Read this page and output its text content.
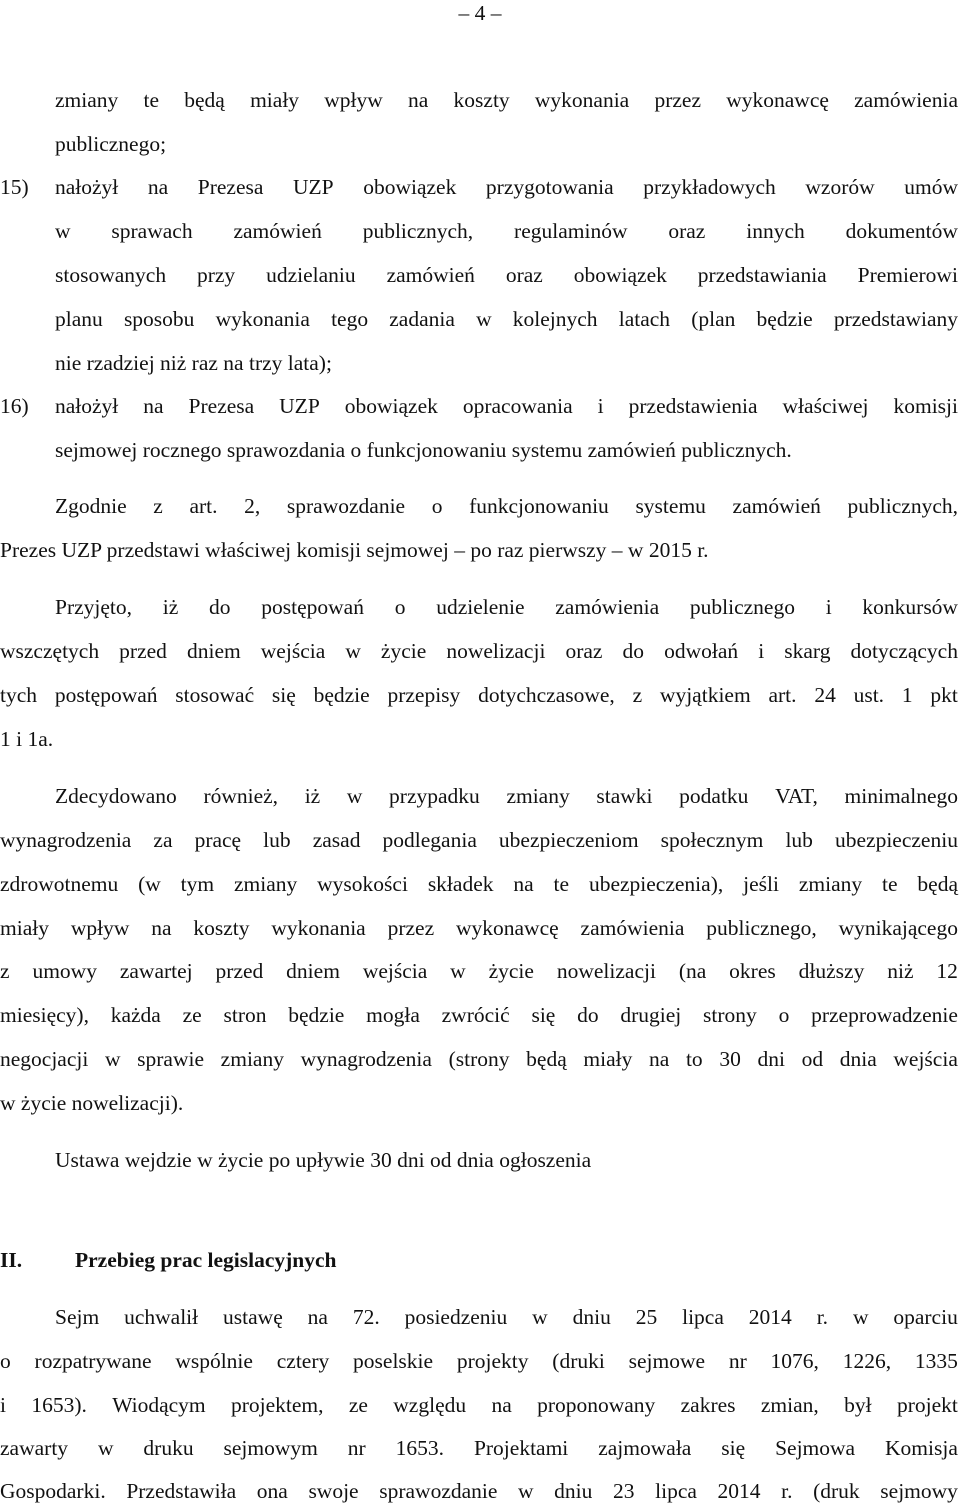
– 4 –
zmiany te będą miały wpływ na koszty wykonania przez wykonawcę zamówienia
publicznego;
15)	nałożył na Prezesa UZP obowiązek przygotowania przykładowych wzorów umów
w sprawach zamówień publicznych, regulaminów oraz innych dokumentów
stosowanych przy udzielaniu zamówień oraz obowiązek przedstawiania Premierowi
planu sposobu wykonania tego zadania w kolejnych latach (plan będzie przedstawiany
nie rzadziej niż raz na trzy lata);
16)	nałożył na Prezesa UZP obowiązek opracowania i przedstawienia właściwej komisji
sejmowej rocznego sprawozdania o funkcjonowaniu systemu zamówień publicznych.
Zgodnie z art. 2, sprawozdanie o funkcjonowaniu systemu zamówień publicznych,
Prezes UZP przedstawi właściwej komisji sejmowej – po raz pierwszy – w 2015 r.
Przyjęto, iż do postępowań o udzielenie zamówienia publicznego i konkursów
wszczętych przed dniem wejścia w życie nowelizacji oraz do odwołań i skarg dotyczących
tych postępowań stosować się będzie przepisy dotychczasowe, z wyjątkiem art. 24 ust. 1 pkt
1 i 1a.
Zdecydowano również, iż w przypadku zmiany stawki podatku VAT, minimalnego
wynagrodzenia za pracę lub zasad podlegania ubezpieczeniom społecznym lub ubezpieczeniu
zdrowotnemu (w tym zmiany wysokości składek na te ubezpieczenia), jeśli zmiany te będą
miały wpływ na koszty wykonania przez wykonawcę zamówienia publicznego, wynikającego
z umowy zawartej przed dniem wejścia w życie nowelizacji (na okres dłuższy niż 12
miesięcy), każda ze stron będzie mogła zwrócić się do drugiej strony o przeprowadzenie
negocjacji w sprawie zmiany wynagrodzenia (strony będą miały na to 30 dni od dnia wejścia
w życie nowelizacji).
Ustawa wejdzie w życie po upływie 30 dni od dnia ogłoszenia
II.	Przebieg prac legislacyjnych
Sejm uchwalił ustawę na 72. posiedzeniu w dniu 25 lipca 2014 r. w oparciu
o rozpatrywane wspólnie cztery poselskie projekty (druki sejmowe nr 1076, 1226, 1335
i 1653). Wiodącym projektem, ze względu na proponowany zakres zmian, był projekt
zawarty w druku sejmowym nr 1653. Projektami zajmowała się Sejmowa Komisja
Gospodarki. Przedstawiła ona swoje sprawozdanie w dniu 23 lipca 2014 r. (druk sejmowy
